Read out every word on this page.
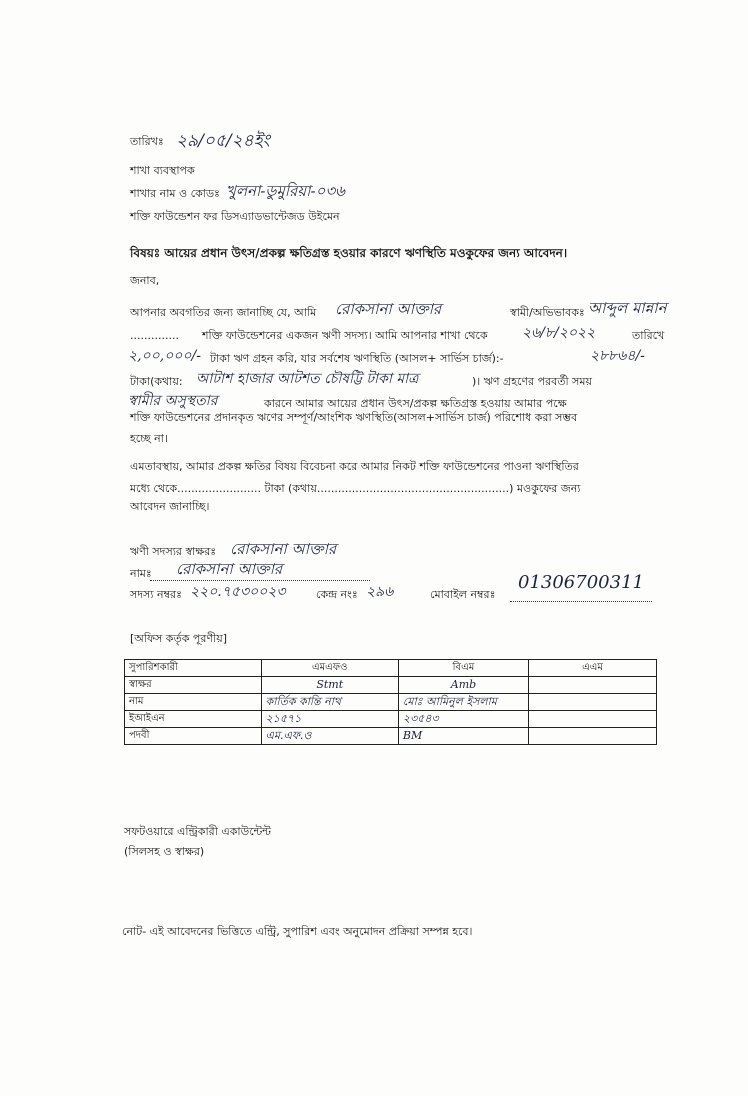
তারিখঃ ২৯/০৫/২৪ইং
শাখা ব্যবস্থাপক
শাখার নাম ও কোডঃ খুলনা-ডুমুরিয়া-০৩৬
শক্তি ফাউন্ডেশন ফর ডিসএ্যাডভান্টেজড উইমেন
বিষয়ঃ আয়ের প্রধান উৎস/প্রকল্প ক্ষতিগ্রস্ত হওয়ার কারণে ঋণস্থিতি মওকুফের জন্য আবেদন।
জনাব,
আপনার অবগতির জন্য জানাচ্ছি যে, আমি রোকসানা আক্তার	স্বামী/অভিভাবকঃ আব্দুল মান্নান
.............. শক্তি ফাউন্ডেশনের একজন ঋণী সদস্য। আমি আপনার শাখা থেকে ২৬/৮/২০২২	তারিখে
২,০০,০০০/- টাকা ঋণ গ্রহন করি, যার সর্বশেষ ঋণস্থিতি (আসল+ সার্ভিস চার্জ):-	২৮৮৬৪/-
টাকা(কথায়: আটাশ হাজার আটশত চৌষট্টি টাকা মাত্র	)। ঋণ গ্রহণের পরবর্তী সময়
স্বামীর অসুস্থতার	কারনে আমার আয়ের প্রধান উৎস/প্রকল্প ক্ষতিগ্রস্ত হওয়ায় আমার পক্ষে
শক্তি ফাউন্ডেশনের প্রদানকৃত ঋণের সম্পূর্ণ/আংশিক ঋণস্থিতি(আসল+সার্ভিস চার্জ) পরিশোধ করা সম্ভব
হচ্ছে না।
এমতাবস্থায়, আমার প্রকল্প ক্ষতির বিষয় বিবেচনা করে আমার নিকট শক্তি ফাউন্ডেশনের পাওনা ঋণস্থিতির
মধ্যে থেকে........................ টাকা (কথায়.......................................................) মওকুফের জন্য
আবেদন জানাচ্ছি।
ঋণী সদস্যর স্বাক্ষরঃ রোকসানা আক্তার
নামঃ রোকসানা আক্তার
সদস্য নম্বরঃ ২২০.৭৫৩০০২৩	কেন্দ্র নংঃ ২৯৬	মোবাইল নম্বরঃ
01306700311
[অফিস কর্তৃক পূরণীয়]
সুপারিশকারী	এমএফও	বিএম	এএম
স্বাক্ষর	Stmt	Amb	
নাম	কার্তিক কান্তি নাথ	মোঃ আমিনুল ইসলাম	
ইআইএন	২১৫৭১	২৩৫৪৩	
পদবী	এম.এফ.ও	BM	
সফটওয়ারে এন্ট্রিকারী একাউন্টেন্ট
(সিলসহ ও স্বাক্ষর)
নোট- এই আবেদনের ভিত্তিতে এন্ট্রি, সুপারিশ এবং অনুমোদন প্রক্রিয়া সম্পন্ন হবে।
